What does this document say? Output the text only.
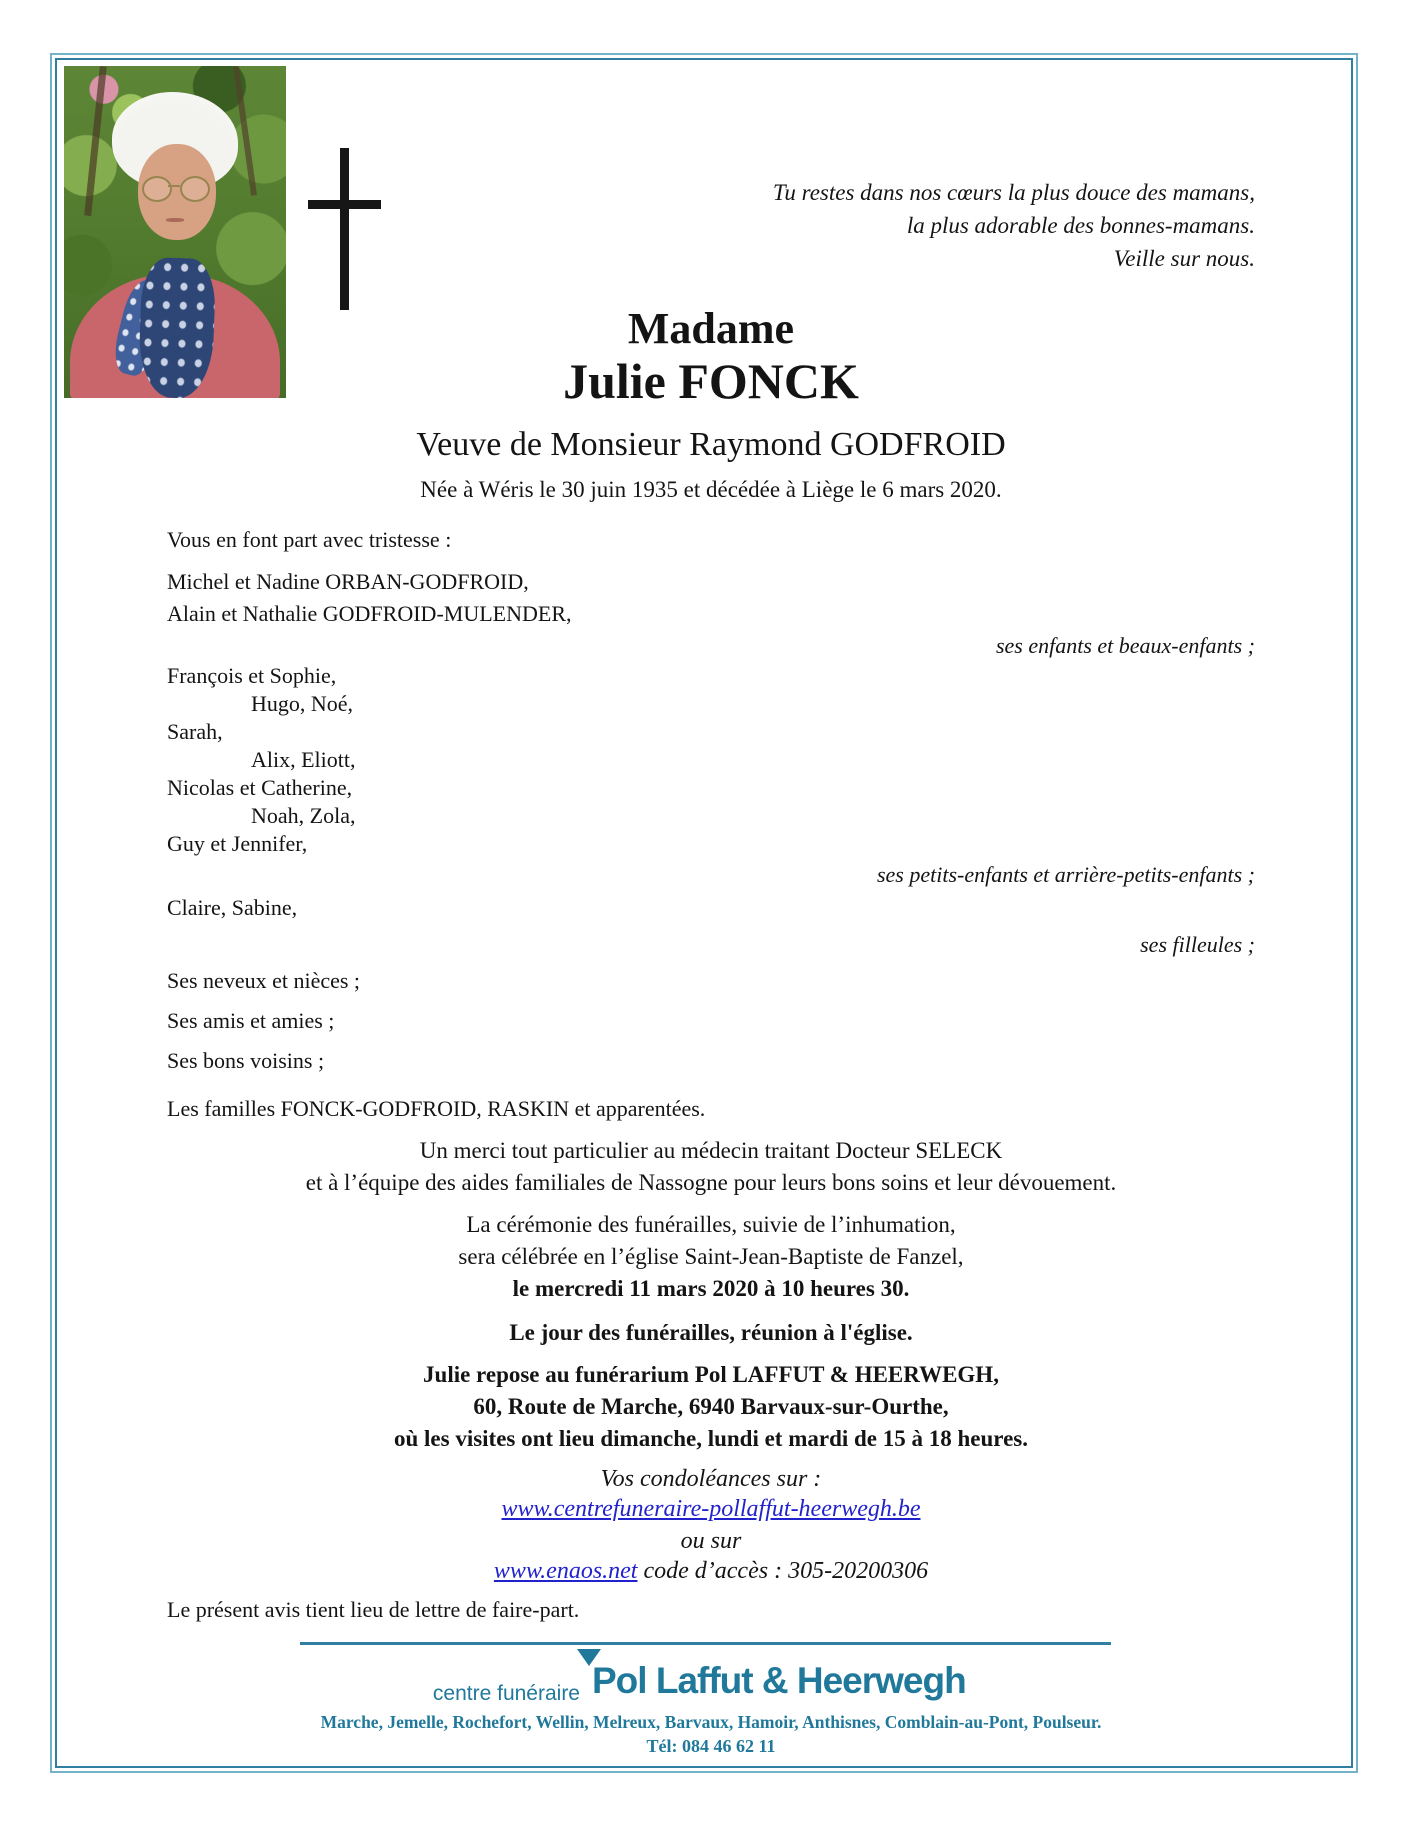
Tu restes dans nos cœurs la plus douce des mamans,
la plus adorable des bonnes-mamans.
Veille sur nous.
Madame
Julie FONCK
Veuve de Monsieur Raymond GODFROID
Née à Wéris le 30 juin 1935 et décédée à Liège le 6 mars 2020.
Vous en font part avec tristesse :
Michel et Nadine ORBAN-GODFROID,
Alain et Nathalie GODFROID-MULENDER,
ses enfants et beaux-enfants ;
François et Sophie,
Hugo, Noé,
Sarah,
Alix, Eliott,
Nicolas et Catherine,
Noah, Zola,
Guy et Jennifer,
ses petits-enfants et arrière-petits-enfants ;
Claire, Sabine,
ses filleules ;
Ses neveux et nièces ;
Ses amis et amies ;
Ses bons voisins ;
Les familles FONCK-GODFROID, RASKIN et apparentées.
Un merci tout particulier au médecin traitant Docteur SELECK
et à l’équipe des aides familiales de Nassogne pour leurs bons soins et leur dévouement.
La cérémonie des funérailles, suivie de l’inhumation,
sera célébrée en l’église Saint-Jean-Baptiste de Fanzel,
le mercredi 11 mars 2020 à 10 heures 30.
Le jour des funérailles, réunion à l'église.
Julie repose au funérarium Pol LAFFUT & HEERWEGH,
60, Route de Marche, 6940 Barvaux-sur-Ourthe,
où les visites ont lieu dimanche, lundi et mardi de 15 à 18 heures.
Vos condoléances sur :
www.centrefuneraire-pollaffut-heerwegh.be
ou sur
www.enaos.net code d’accès : 305-20200306
Le présent avis tient lieu de lettre de faire-part.
centre funéraire Pol Laffut & Heerwegh
Marche, Jemelle, Rochefort, Wellin, Melreux, Barvaux, Hamoir, Anthisnes, Comblain-au-Pont, Poulseur.
Tél: 084 46 62 11
